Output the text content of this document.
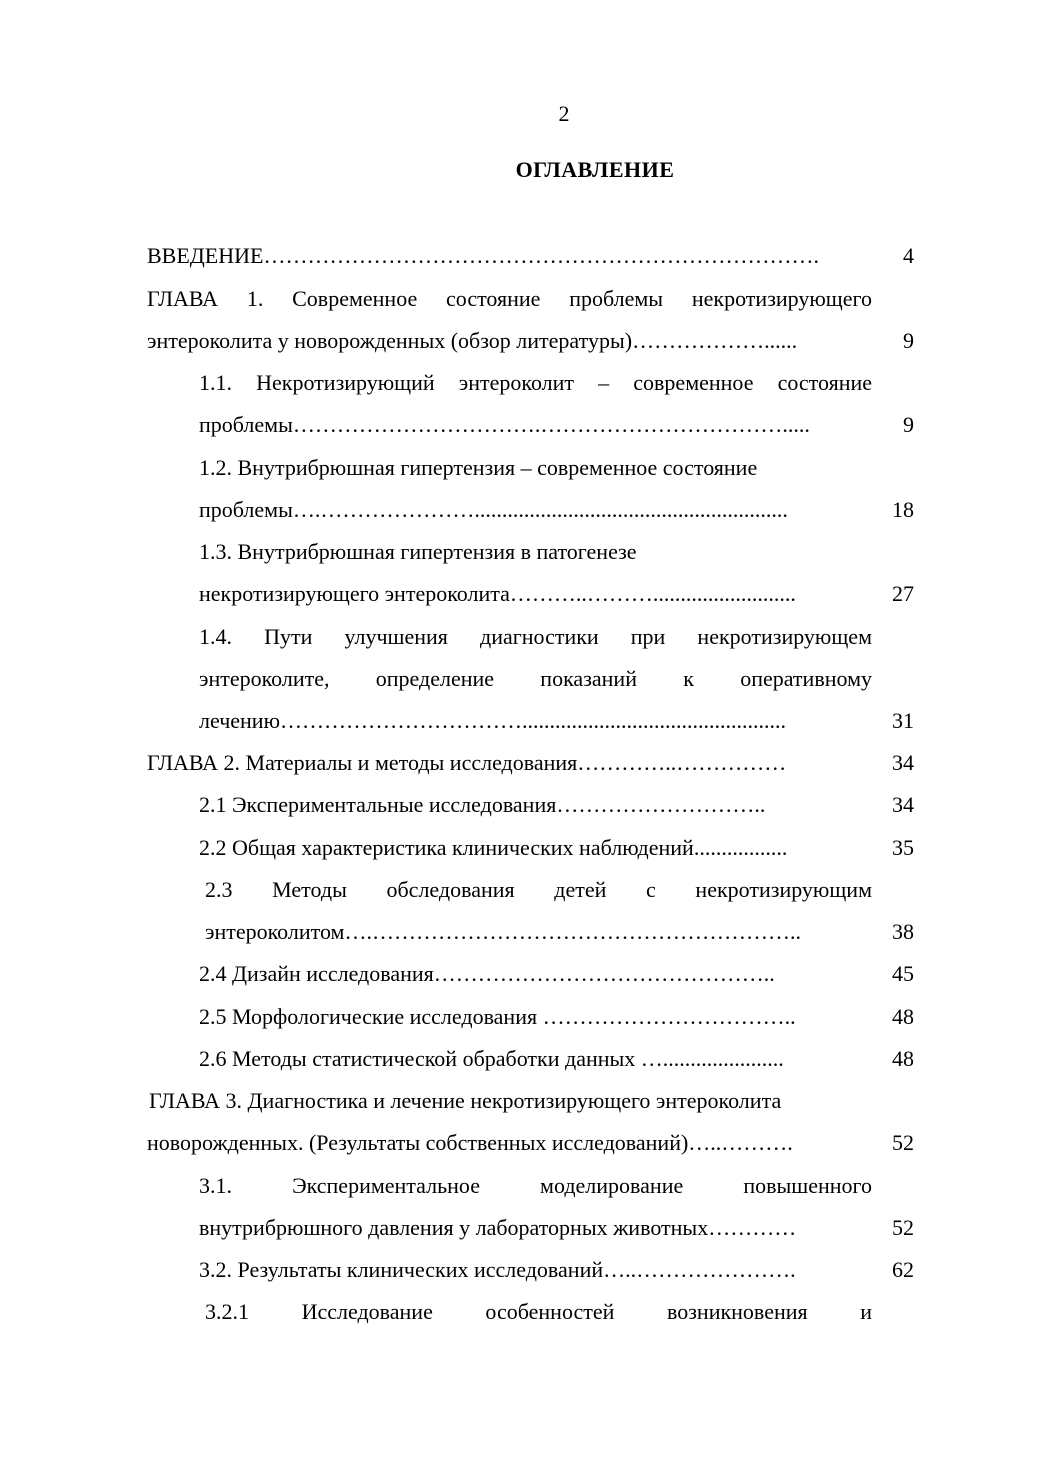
2
ОГЛАВЛЕНИЕ
ВВЕДЕНИЕ………………………………………………………………….	4
ГЛАВА 1. Современное состояние проблемы некротизирующего
энтероколита у новорожденных (обзор литературы)………………......	9
1.1. Некротизирующий энтероколит – современное состояние
проблемы…………………………….…………………………….....	9
1.2. Внутрибрюшная гипертензия – современное состояние
проблемы….………………….........................................................	18
1.3. Внутрибрюшная гипертензия в патогенезе
некротизирующего энтероколита………..………..........................	27
1.4. Пути улучшения диагностики при некротизирующем
энтероколите, определение показаний к оперативному
лечению……………………………................................................	31
ГЛАВА 2. Материалы и методы исследования…………..……………	34
2.1 Экспериментальные исследования………………………..	34
2.2 Общая характеристика клинических наблюдений.................	35
2.3 Методы обследования детей с некротизирующим
энтероколитом….…………………………………………………..	38
2.4 Дизайн исследования………………………………………..	45
2.5 Морфологические исследования ……………………………..	48
2.6 Методы статистической обработки данных …......................	48
ГЛАВА 3. Диагностика и лечение некротизирующего энтероколита
новорожденных. (Результаты собственных исследований)…..……….	52
3.1. Экспериментальное моделирование повышенного
внутрибрюшного давления у лабораторных животных…………	52
3.2. Результаты клинических исследований…..………………….	62
3.2.1 Исследование особенностей возникновения и
